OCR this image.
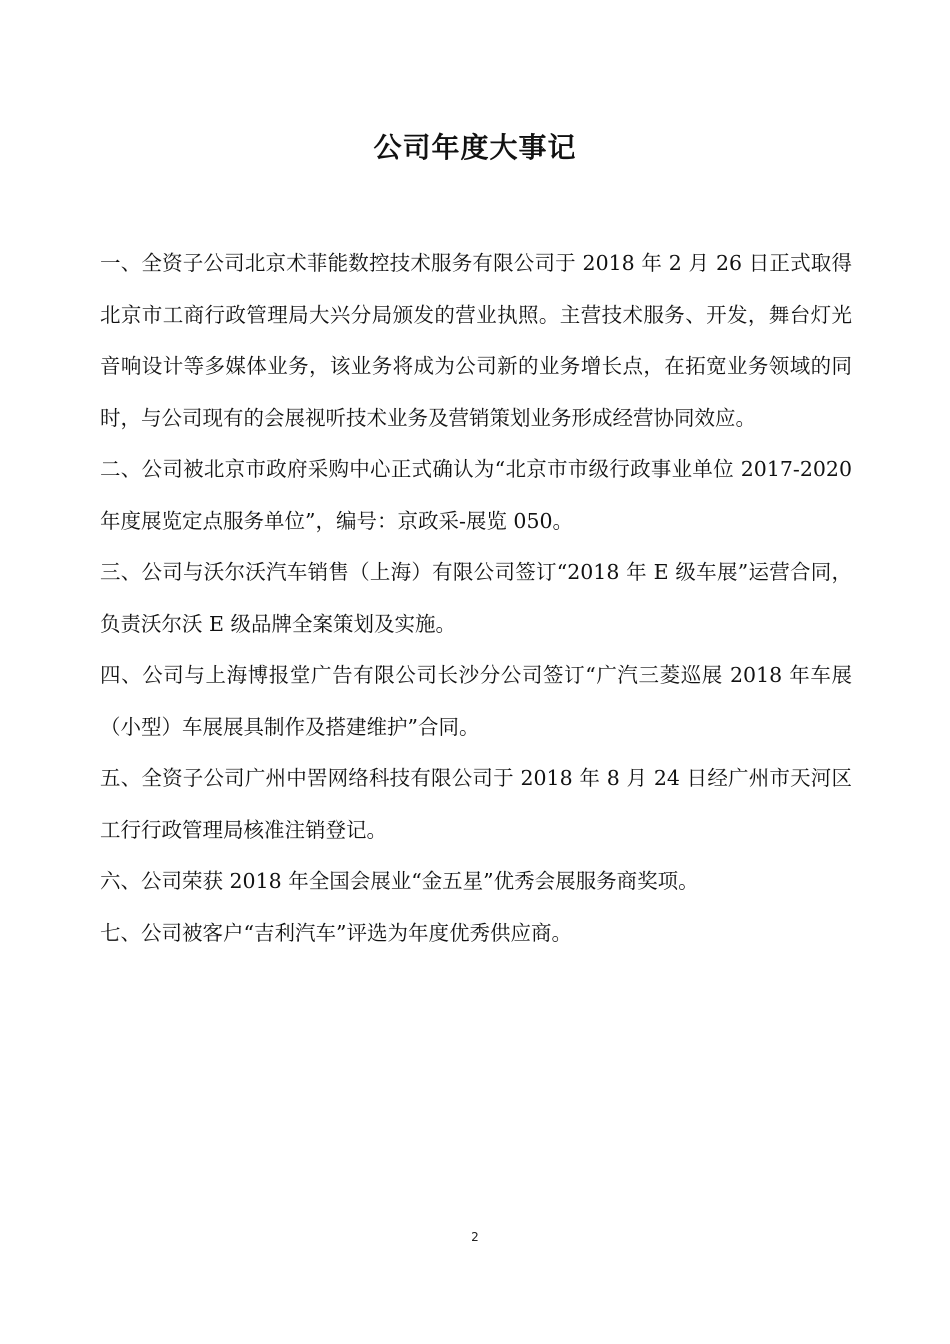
公司年度大事记

一、全资子公司北京术菲能数控技术服务有限公司于 2018 年 2 月 26 日正式取得北京市工商行政管理局大兴分局颁发的营业执照。主营技术服务、开发，舞台灯光音响设计等多媒体业务，该业务将成为公司新的业务增长点，在拓宽业务领域的同时，与公司现有的会展视听技术业务及营销策划业务形成经营协同效应。

二、公司被北京市政府采购中心正式确认为“北京市市级行政事业单位 2017-2020 年度展览定点服务单位”，编号：京政采-展览 050。

三、公司与沃尔沃汽车销售（上海）有限公司签订“2018 年 E 级车展”运营合同，负责沃尔沃 E 级品牌全案策划及实施。

四、公司与上海博报堂广告有限公司长沙分公司签订“广汽三菱巡展 2018 年车展（小型）车展展具制作及搭建维护”合同。

五、全资子公司广州中罟网络科技有限公司于 2018 年 8 月 24 日经广州市天河区工行行政管理局核准注销登记。

六、公司荣获 2018 年全国会展业“金五星”优秀会展服务商奖项。

七、公司被客户“吉利汽车”评选为年度优秀供应商。

2
